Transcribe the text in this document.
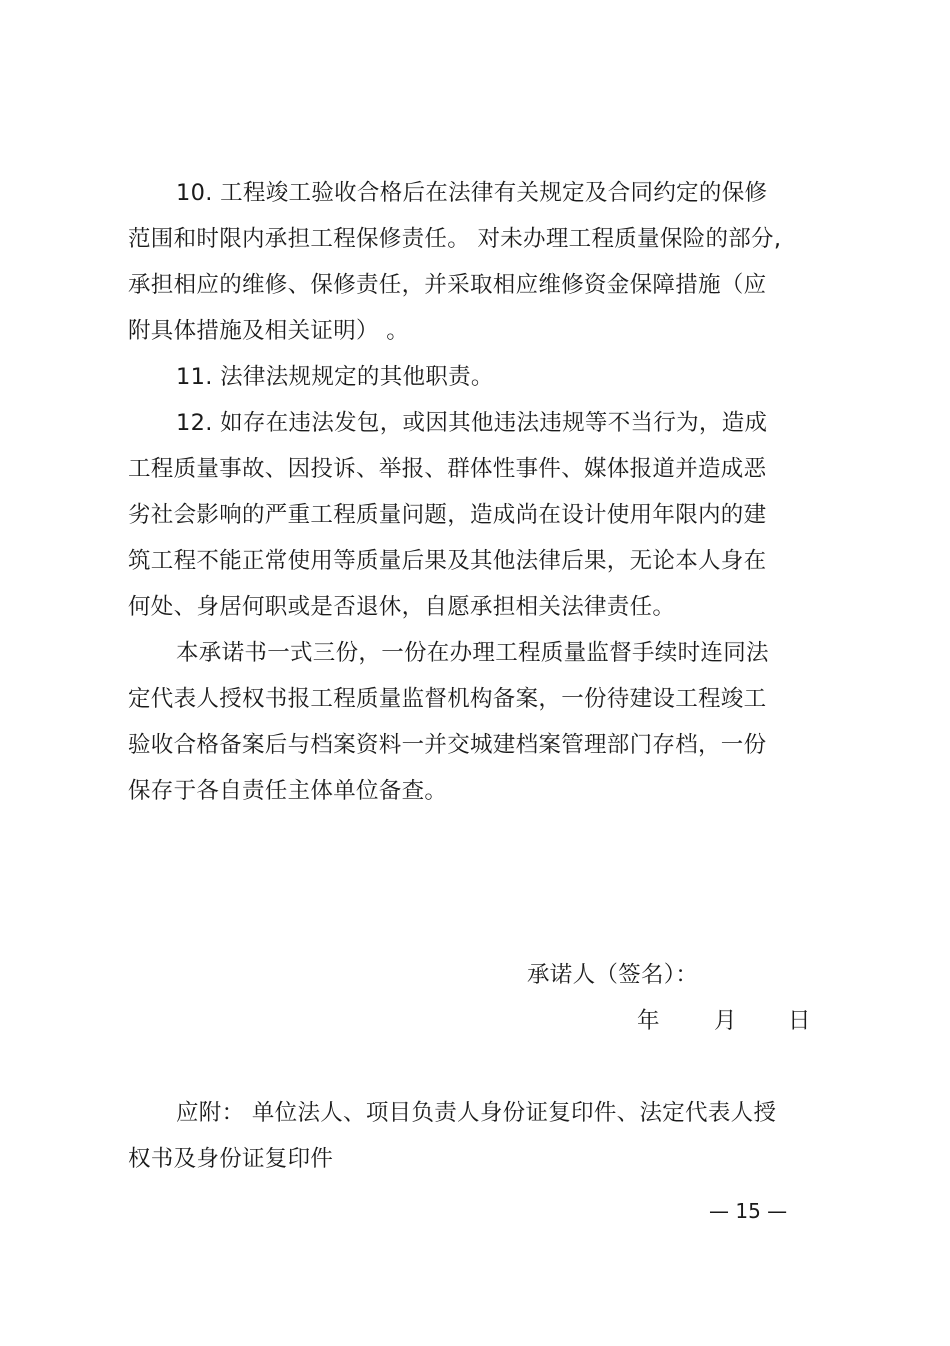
10. 工程竣工验收合格后在法律有关规定及合同约定的保修
范围和时限内承担工程保修责任。 对未办理工程质量保险的部分,
承担相应的维修、保修责任，并采取相应维修资金保障措施（应
附具体措施及相关证明） 。
11. 法律法规规定的其他职责。
12. 如存在违法发包，或因其他违法违规等不当行为，造成
工程质量事故、因投诉、举报、群体性事件、媒体报道并造成恶
劣社会影响的严重工程质量问题，造成尚在设计使用年限内的建
筑工程不能正常使用等质量后果及其他法律后果，无论本人身在
何处、身居何职或是否退休，自愿承担相关法律责任。
本承诺书一式三份，一份在办理工程质量监督手续时连同法
定代表人授权书报工程质量监督机构备案，一份待建设工程竣工
验收合格备案后与档案资料一并交城建档案管理部门存档，一份
保存于各自责任主体单位备查。
承诺人（签名）：
年 月 日
应附： 单位法人、项目负责人身份证复印件、法定代表人授
权书及身份证复印件
— 15 —
